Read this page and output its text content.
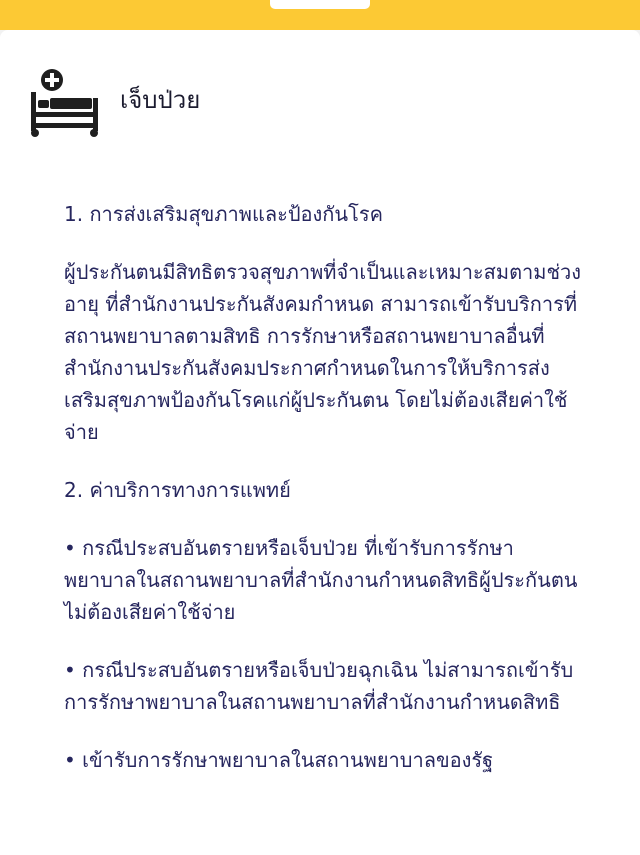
เจ็บป่วย

1. การส่งเสริมสุขภาพและป้องกันโรค

ผู้ประกันตนมีสิทธิตรวจสุขภาพที่จำเป็นและเหมาะสมตามช่วงอายุ ที่สำนักงานประกันสังคมกำหนด สามารถเข้ารับบริการที่สถานพยาบาลตามสิทธิ การรักษาหรือสถานพยาบาลอื่นที่สำนักงานประกันสังคมประกาศกำหนดในการให้บริการส่งเสริมสุขภาพป้องกันโรคแก่ผู้ประกันตน โดยไม่ต้องเสียค่าใช้จ่าย

2. ค่าบริการทางการแพทย์

• กรณีประสบอันตรายหรือเจ็บป่วย ที่เข้ารับการรักษาพยาบาลในสถานพยาบาลที่สำนักงานกำหนดสิทธิผู้ประกันตนไม่ต้องเสียค่าใช้จ่าย

• กรณีประสบอันตรายหรือเจ็บป่วยฉุกเฉิน ไม่สามารถเข้ารับการรักษาพยาบาลในสถานพยาบาลที่สำนักงานกำหนดสิทธิ

• เข้ารับการรักษาพยาบาลในสถานพยาบาลของรัฐ
